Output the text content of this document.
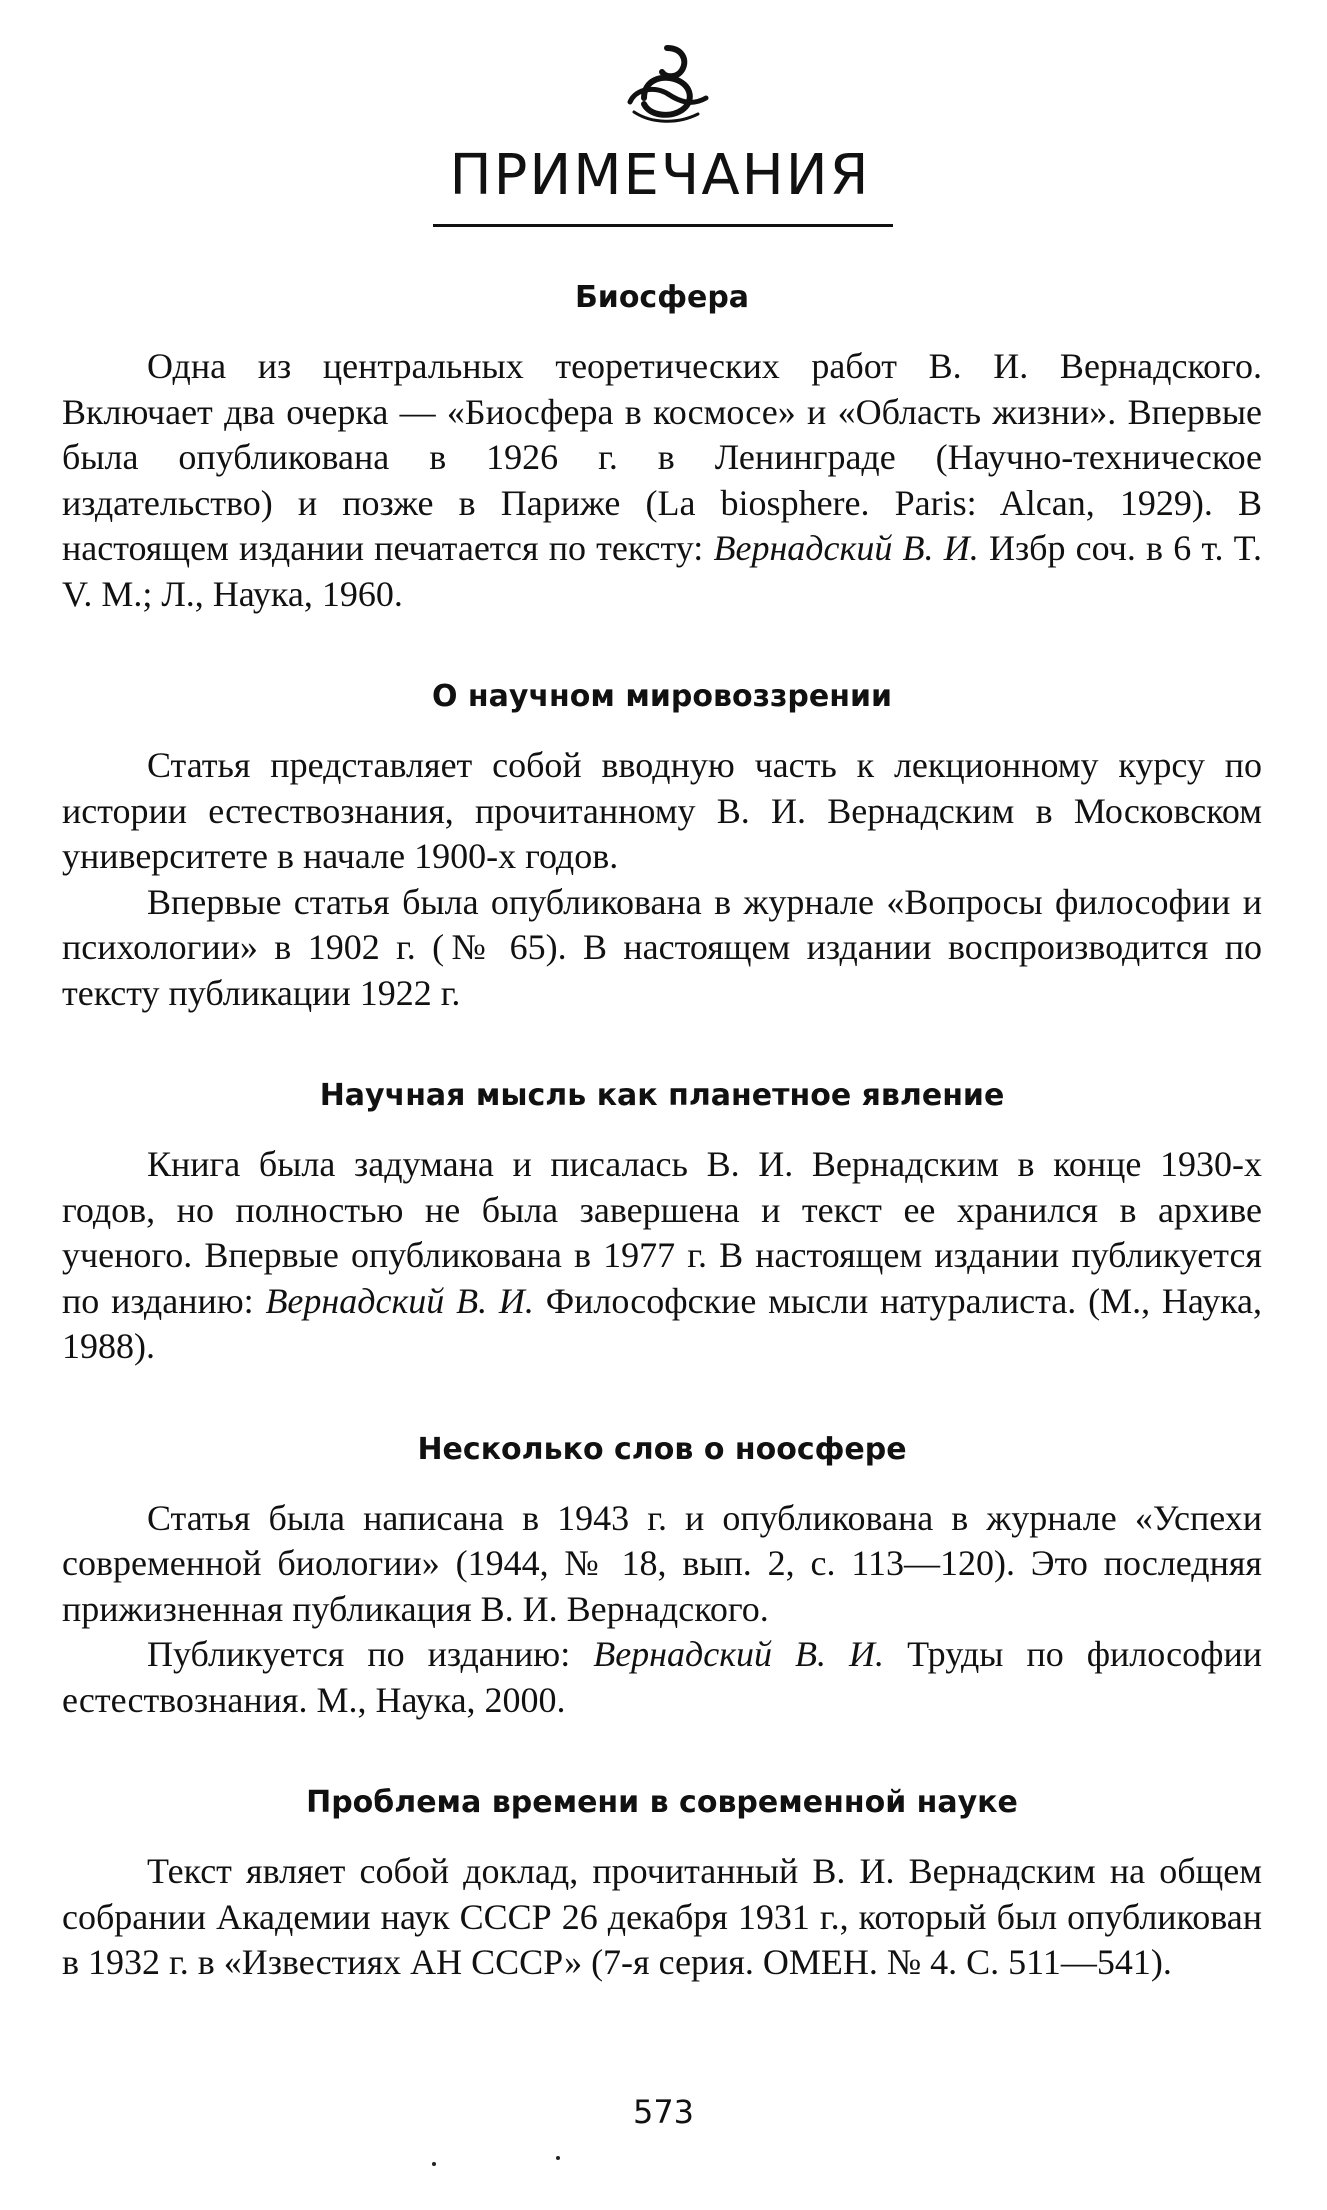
ПРИМЕЧАНИЯ
Биосфера

Одна из центральных теоретических работ В. И. Вернадского. Включает два очерка — «Биосфера в космосе» и «Область жизни». Впервые была опубликована в 1926 г. в Ленинграде (Научно-техническое издательство) и позже в Париже (La biosphere. Paris: Alcan, 1929). В настоящем издании печатается по тексту: Вернадский В. И. Избр соч. в 6 т. T. V. М.; Л., Наука, 1960.

О научном мировоззрении

Статья представляет собой вводную часть к лекционному курсу по истории естествознания, прочитанному В. И. Вернадским в Московском университете в начале 1900-х годов.

Впервые статья была опубликована в журнале «Вопросы философии и психологии» в 1902 г. (№ 65). В настоящем издании воспроизводится по тексту публикации 1922 г.

Научная мысль как планетное явление

Книга была задумана и писалась В. И. Вернадским в конце 1930-х годов, но полностью не была завершена и текст ее хранился в архиве ученого. Впервые опубликована в 1977 г. В настоящем издании публикуется по изданию: Вернадский В. И. Философские мысли натуралиста. (М., Наука, 1988).

Несколько слов о ноосфере

Статья была написана в 1943 г. и опубликована в журнале «Успехи современной биологии» (1944, № 18, вып. 2, с. 113—120). Это последняя прижизненная публикация В. И. Вернадского.

Публикуется по изданию: Вернадский В. И. Труды по философии естествознания. М., Наука, 2000.

Проблема времени в современной науке

Текст являет собой доклад, прочитанный В. И. Вернадским на общем собрании Академии наук СССР 26 декабря 1931 г., который был опубликован в 1932 г. в «Известиях АН СССР» (7-я серия. ОМЕН. № 4. С. 511—541).

573
